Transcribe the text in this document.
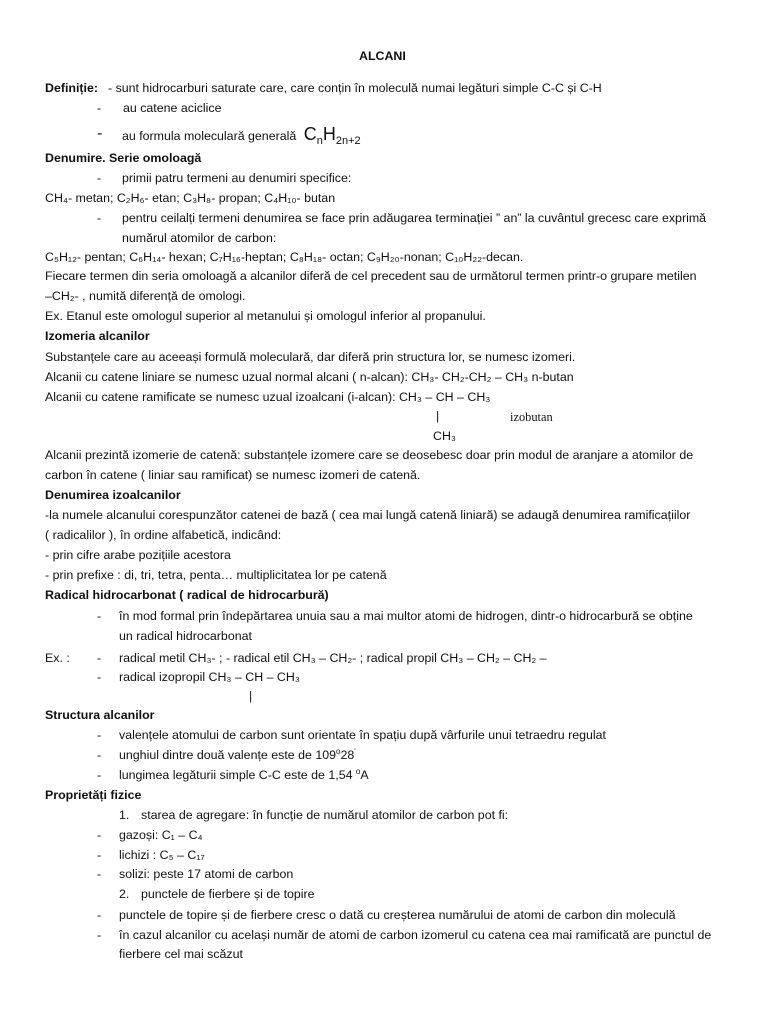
ALCANI
Definiție: - sunt hidrocarburi saturate care, care conțin în moleculă numai legături simple C-C și C-H
- au catene aciclice
- au formula moleculară generală $C_nH_{2n+2}$
Denumire. Serie omoloagă
- primii patru termeni au denumiri specifice:
CH₄- metan; C₂H₆- etan; C₃H₈- propan; C₄H₁₀- butan
- pentru ceilalți termeni denumirea se face prin adăugarea terminației ” an” la cuvântul grecesc care exprimă
numărul atomilor de carbon:
C₅H₁₂- pentan; C₆H₁₄- hexan; C₇H₁₆-heptan; C₈H₁₈- octan; C₉H₂₀-nonan; C₁₀H₂₂-decan.
Fiecare termen din seria omoloagă a alcanilor diferă de cel precedent sau de următorul termen printr-o grupare metilen
–CH₂- , numită diferență de omologi.
Ex. Etanul este omologul superior al metanului și omologul inferior al propanului.
Izomeria alcanilor
Substanțele care au aceeași formulă moleculară, dar diferă prin structura lor, se numesc izomeri.
Alcanii cu catene liniare se numesc uzual normal alcani ( n-alcan): CH₃- CH₂-CH₂ – CH₃ n-butan
Alcanii cu catene ramificate se numesc uzual izoalcani (i-alcan): CH₃ – CH – CH₃
|	izobutan
CH₃
Alcanii prezintă izomerie de catenă: substanțele izomere care se deosebesc doar prin modul de aranjare a atomilor de
carbon în catene ( liniar sau ramificat) se numesc izomeri de catenă.
Denumirea izoalcanilor
-la numele alcanului corespunzător catenei de bază ( cea mai lungă catenă liniară) se adaugă denumirea ramificațiilor
( radicalilor ), în ordine alfabetică, indicând:
- prin cifre arabe pozițiile acestora
- prin prefixe : di, tri, tetra, penta… multiplicitatea lor pe catenă
Radical hidrocarbonat ( radical de hidrocarbură)
- în mod formal prin îndepărtarea unuia sau a mai multor atomi de hidrogen, dintr-o hidrocarbură se obține
un radical hidrocarbonat
Ex. : - radical metil CH₃- ; - radical etil CH₃ – CH₂- ; radical propil CH₃ – CH₂ – CH₂ –
- radical izopropil CH₃ – CH – CH₃
|
Structura alcanilor
- valențele atomului de carbon sunt orientate în spațiu după vârfurile unui tetraedru regulat
- unghiul dintre două valențe este de 109$^o$28'
- lungimea legăturii simple C-C este de 1,54 $^o$A
Proprietăți fizice
1. starea de agregare: în funcție de numărul atomilor de carbon pot fi:
- gazoși: C₁ – C₄
- lichizi : C₅ – C₁₇
- solizi: peste 17 atomi de carbon
2. punctele de fierbere și de topire
- punctele de topire și de fierbere cresc o dată cu creșterea numărului de atomi de carbon din moleculă
- în cazul alcanilor cu același număr de atomi de carbon izomerul cu catena cea mai ramificată are punctul de
fierbere cel mai scăzut
